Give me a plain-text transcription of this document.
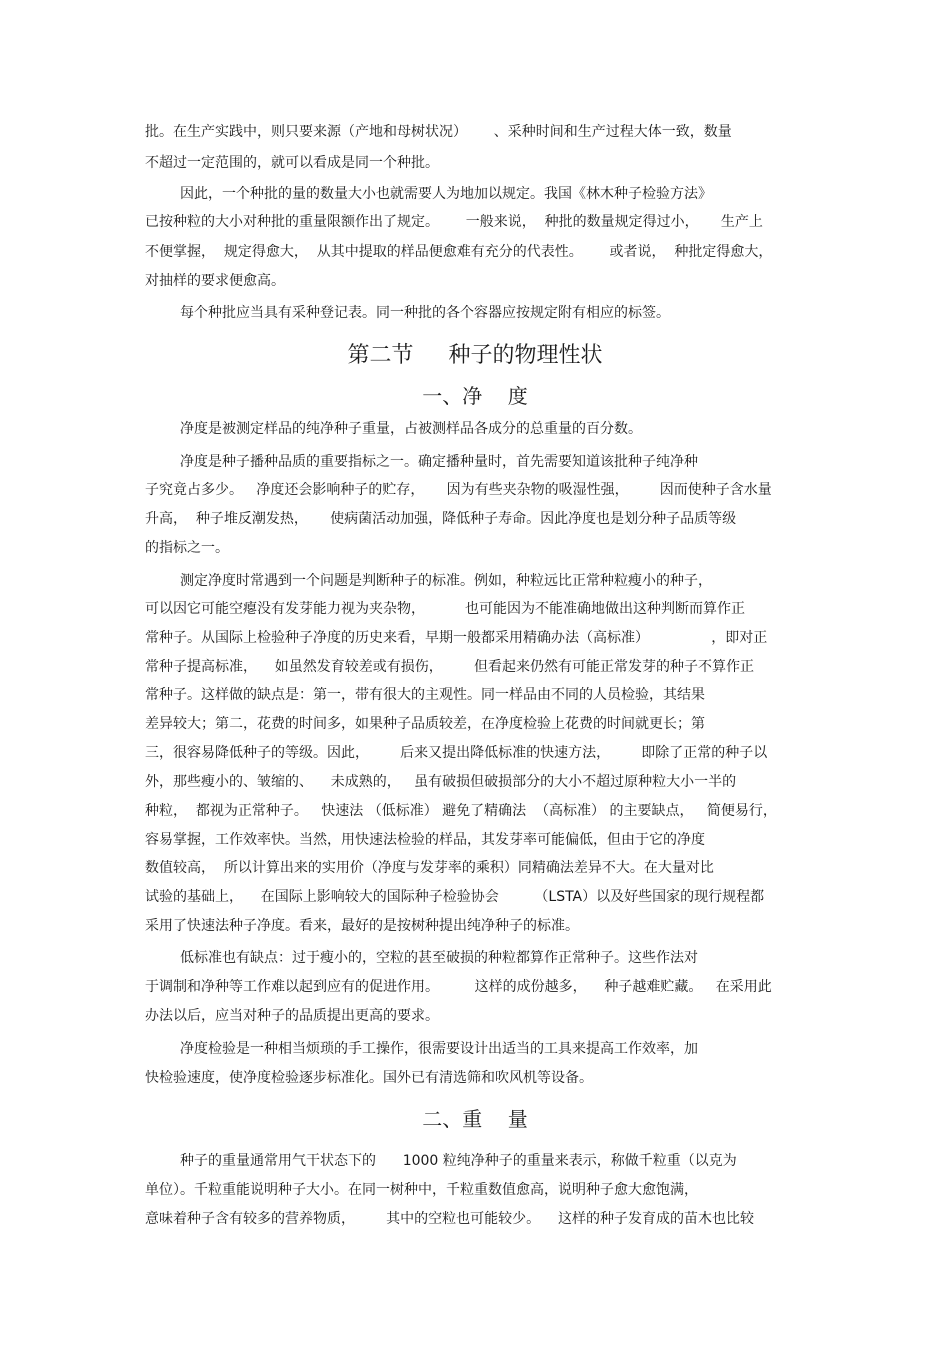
批。在生产实践中，则只要来源（产地和母树状况）      、采种时间和生产过程大体一致，数量
不超过一定范围的，就可以看成是同一个种批。
因此，一个种批的量的数量大小也就需要人为地加以规定。我国《林木种子检验方法》
已按种粒的大小对种批的重量限额作出了规定。      一般来说，  种批的数量规定得过小，     生产上
不便掌握，  规定得愈大，  从其中提取的样品便愈难有充分的代表性。      或者说，  种批定得愈大，
对抽样的要求便愈高。
每个种批应当具有采种登记表。同一种批的各个容器应按规定附有相应的标签。
第二节     种子的物理性状
一、净    度
净度是被测定样品的纯净种子重量，占被测样品各成分的总重量的百分数。
净度是种子播种品质的重要指标之一。确定播种量时，首先需要知道该批种子纯净种
子究竟占多少。   净度还会影响种子的贮存，     因为有些夹杂物的吸湿性强，       因而使种子含水量
升高，  种子堆反潮发热，     使病菌活动加强，降低种子寿命。因此净度也是划分种子品质等级
的指标之一。
测定净度时常遇到一个问题是判断种子的标准。例如，种粒远比正常种粒瘦小的种子，
可以因它可能空瘪没有发芽能力视为夹杂物，         也可能因为不能准确地做出这种判断而算作正
常种子。从国际上检验种子净度的历史来看，早期一般都采用精确办法（高标准）              ，即对正
常种子提高标准，    如虽然发育较差或有损伤，       但看起来仍然有可能正常发芽的种子不算作正
常种子。这样做的缺点是：第一，带有很大的主观性。同一样品由不同的人员检验，其结果
差异较大；第二，花费的时间多，如果种子品质较差，在净度检验上花费的时间就更长；第
三，很容易降低种子的等级。因此，       后来又提出降低标准的快速方法，       即除了正常的种子以
外，那些瘦小的、皱缩的、    未成熟的，   虽有破损但破损部分的大小不超过原种粒大小一半的
种粒，  都视为正常种子。   快速法 （低标准） 避免了精确法  （高标准） 的主要缺点，   简便易行，
容易掌握，工作效率快。当然，用快速法检验的样品，其发芽率可能偏低，但由于它的净度
数值较高，  所以计算出来的实用价（净度与发芽率的乘积）同精确法差异不大。在大量对比
试验的基础上，    在国际上影响较大的国际种子检验协会        （LSTA）以及好些国家的现行规程都
采用了快速法种子净度。看来，最好的是按树种提出纯净种子的标准。
低标准也有缺点：过于瘦小的，空粒的甚至破损的种粒都算作正常种子。这些作法对
于调制和净种等工作难以起到应有的促进作用。        这样的成份越多，    种子越难贮藏。   在采用此
办法以后，应当对种子的品质提出更高的要求。
净度检验是一种相当烦琐的手工操作，很需要设计出适当的工具来提高工作效率，加
快检验速度，使净度检验逐步标准化。国外已有清选筛和吹风机等设备。
二、重    量
种子的重量通常用气干状态下的      1000 粒纯净种子的重量来表示，称做千粒重（以克为
单位）。千粒重能说明种子大小。在同一树种中，千粒重数值愈高，说明种子愈大愈饱满，
意味着种子含有较多的营养物质，       其中的空粒也可能较少。    这样的种子发育成的苗木也比较
